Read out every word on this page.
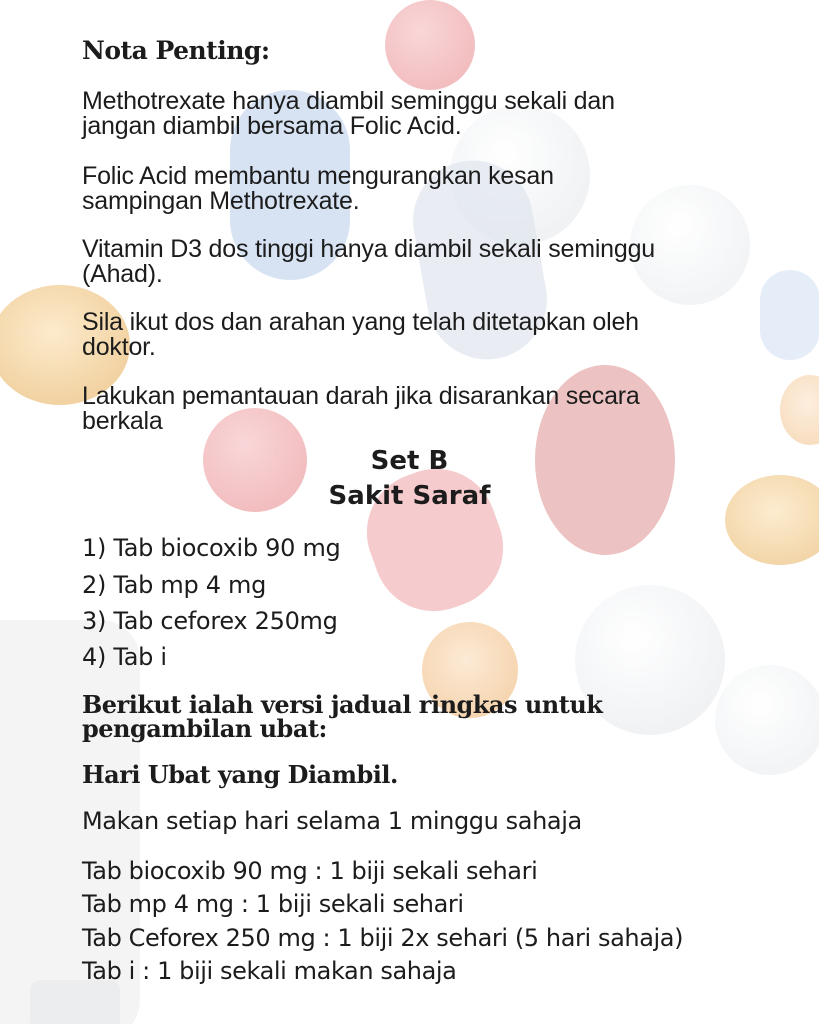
Nota Penting:

Methotrexate hanya diambil seminggu sekali dan

jangan diambil bersama Folic Acid.

Folic Acid membantu mengurangkan kesan

sampingan Methotrexate.

Vitamin D3 dos tinggi hanya diambil sekali seminggu

(Ahad).

Sila ikut dos dan arahan yang telah ditetapkan oleh

doktor.

Lakukan pemantauan darah jika disarankan secara

berkala

Set B

Sakit Saraf

1) Tab biocoxib 90 mg

2) Tab mp 4 mg

3) Tab ceforex 250mg

4) Tab i

Berikut ialah versi jadual ringkas untuk

pengambilan ubat:

Hari Ubat yang Diambil.

Makan setiap hari selama 1 minggu sahaja

Tab biocoxib 90 mg : 1 biji sekali sehari

Tab mp 4 mg : 1 biji sekali sehari

Tab Ceforex 250 mg : 1 biji 2x sehari (5 hari sahaja)

Tab i : 1 biji sekali makan sahaja
